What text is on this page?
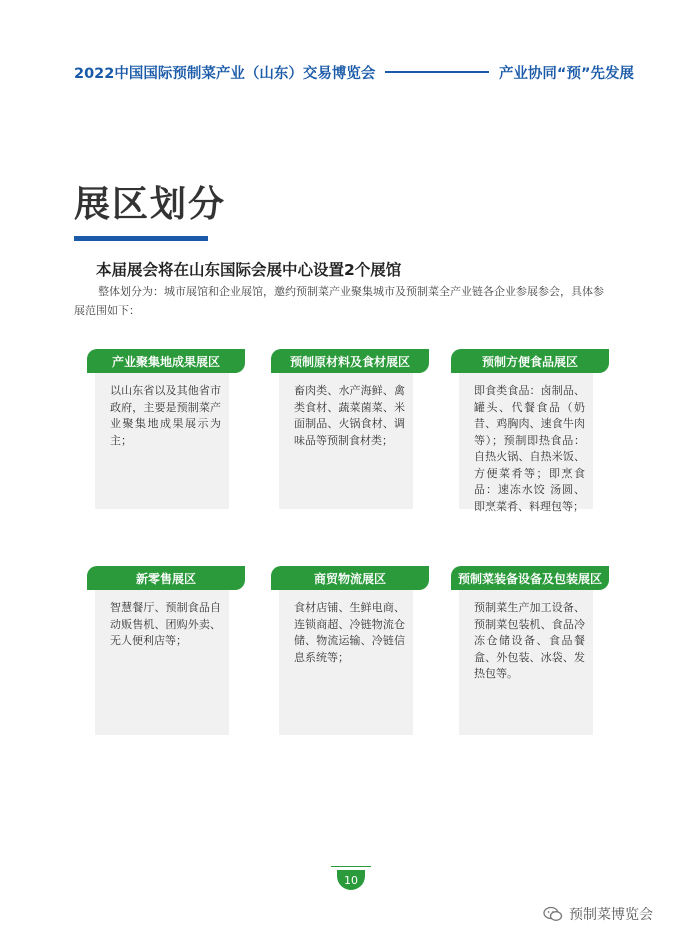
2022中国国际预制菜产业（山东）交易博览会	产业协同“预”先发展
展区划分
本届展会将在山东国际会展中心设置2个展馆
整体划分为：城市展馆和企业展馆，邀约预制菜产业聚集城市及预制菜全产业链各企业参展参会，具体参展范围如下：
以山东省以及其他省市政府，主要是预制菜产业聚集地成果展示为主；
产业聚集地成果展区
畜肉类、水产海鲜、禽类食材、蔬菜菌菜、米面制品、火锅食材、调味品等预制食材类；
预制原材料及食材展区
即食类食品：卤制品、罐头、代餐食品（奶昔、鸡胸肉、速食牛肉等）；预制即热食品：自热火锅、自热米饭、方便菜肴等；即烹食品：速冻水饺 汤圆、即烹菜肴、料理包等；
预制方便食品展区
智慧餐厅、预制食品自动贩售机、团购外卖、无人便利店等；
新零售展区
食材店铺、生鲜电商、连锁商超、冷链物流仓储、物流运输、冷链信息系统等；
商贸物流展区
预制菜生产加工设备、预制菜包装机、食品冷冻仓储设备、食品餐盒、外包装、冰袋、发热包等。
预制菜装备设备及包装展区
10
预制菜博览会
